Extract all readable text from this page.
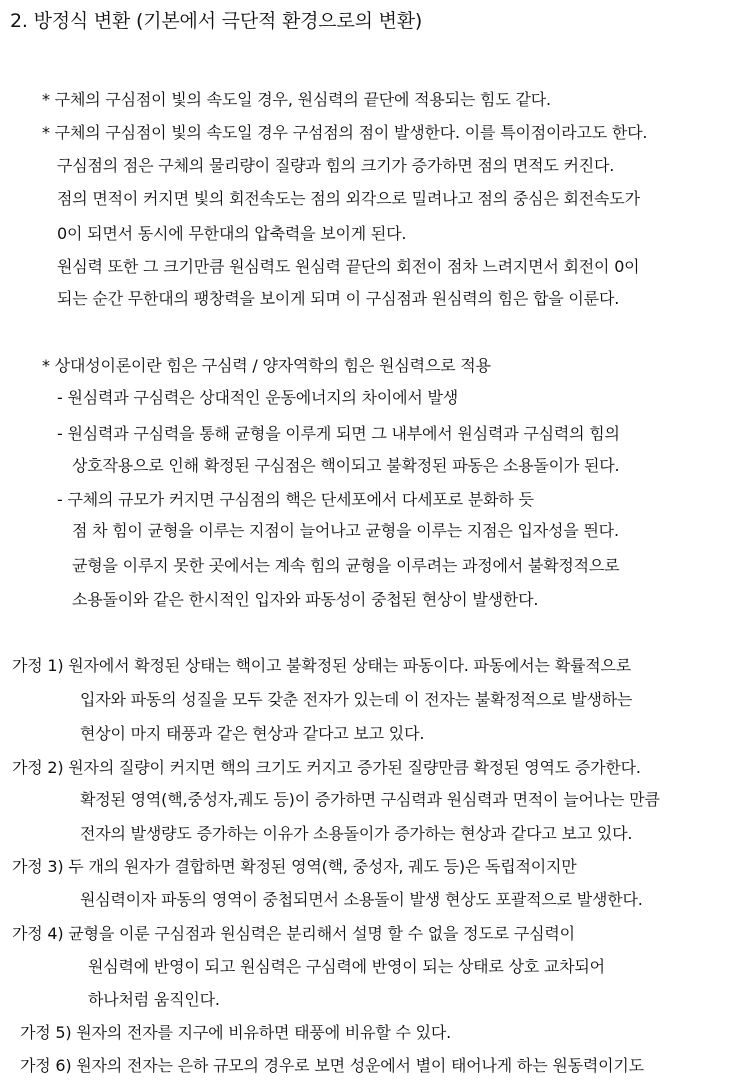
2. 방정식 변환 (기본에서 극단적 환경으로의 변환)
* 구체의 구심점이 빛의 속도일 경우, 원심력의 끝단에 적용되는 힘도 같다.
* 구체의 구심점이 빛의 속도일 경우 구섬점의 점이 발생한다. 이를 특이점이라고도 한다.
구심점의 점은 구체의 물리량이 질량과 힘의 크기가 증가하면 점의 면적도 커진다.
점의 면적이 커지면 빛의 회전속도는 점의 외각으로 밀려나고 점의 중심은 회전속도가
0이 되면서 동시에 무한대의 압축력을 보이게 된다.
원심력 또한 그 크기만큼 원심력도 원심력 끝단의 회전이 점차 느려지면서 회전이 0이
되는 순간 무한대의 팽창력을 보이게 되며 이 구심점과 원심력의 힘은 합을 이룬다.
* 상대성이론이란 힘은 구심력 / 양자역학의 힘은 원심력으로 적용
- 원심력과 구심력은 상대적인 운동에너지의 차이에서 발생
- 원심력과 구심력을 통해 균형을 이루게 되면 그 내부에서 원심력과 구심력의 힘의
상호작용으로 인해 확정된 구심점은 핵이되고 불확정된 파동은 소용돌이가 된다.
- 구체의 규모가 커지면 구심점의 핵은 단세포에서 다세포로 분화하 듯
점 차 힘이 균형을 이루는 지점이 늘어나고 균형을 이루는 지점은 입자성을 띈다.
균형을 이루지 못한 곳에서는 계속 힘의 균형을 이루려는 과정에서 불확정적으로
소용돌이와 같은 한시적인 입자와 파동성이 중첩된 현상이 발생한다.
가정 1) 원자에서 확정된 상태는 핵이고 불확정된 상태는 파동이다. 파동에서는 확률적으로
입자와 파동의 성질을 모두 갖춘 전자가 있는데 이 전자는 불확정적으로 발생하는
현상이 마지 태풍과 같은 현상과 같다고 보고 있다.
가정 2) 원자의 질량이 커지면 핵의 크기도 커지고 증가된 질량만큼 확정된 영역도 증가한다.
확정된 영역(핵,중성자,궤도 등)이 증가하면 구심력과 원심력과 면적이 늘어나는 만큼
전자의 발생량도 증가하는 이유가 소용돌이가 증가하는 현상과 같다고 보고 있다.
가정 3) 두 개의 원자가 결합하면 확정된 영역(핵, 중성자, 궤도 등)은 독립적이지만
원심력이자 파동의 영역이 중첩되면서 소용돌이 발생 현상도 포괄적으로 발생한다.
가정 4) 균형을 이룬 구심점과 원심력은 분리해서 설명 할 수 없을 정도로 구심력이
원심력에 반영이 되고 원심력은 구심력에 반영이 되는 상태로 상호 교차되어
하나처럼 움직인다.
가정 5) 원자의 전자를 지구에 비유하면 태풍에 비유할 수 있다.
가정 6) 원자의 전자는 은하 규모의 경우로 보면 성운에서 별이 태어나게 하는 원동력이기도
